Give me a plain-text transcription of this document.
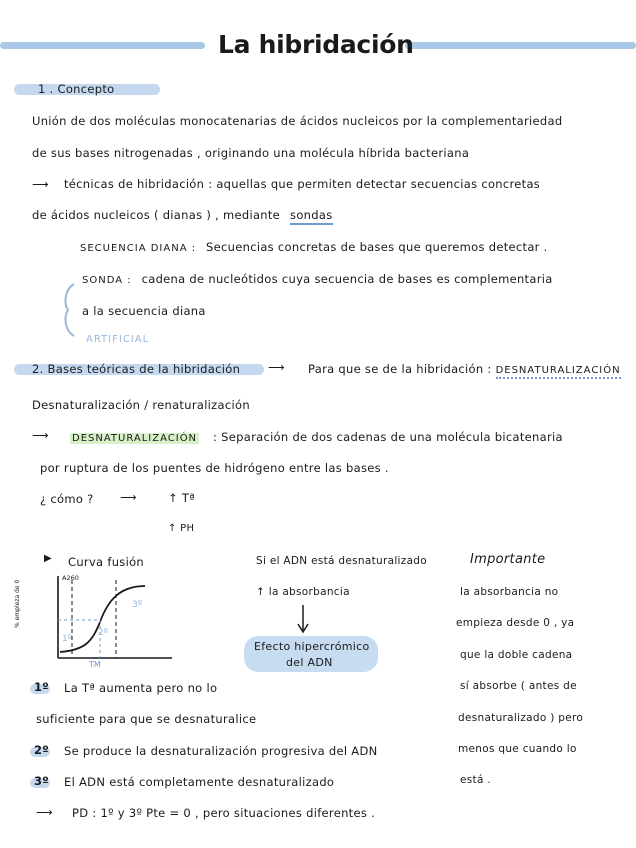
La hibridación
1 . Concepto
Unión de dos moléculas monocatenarias de ácidos nucleicos por la complementariedad
de sus bases nitrogenadas , originando una molécula híbrida bacteriana
⟶ técnicas de hibridación : aquellas que permiten detectar secuencias concretas
de ácidos nucleicos ( dianas ) , mediante sondas
SECUENCIA DIANA : Secuencias concretas de bases que queremos detectar .
SONDA : cadena de nucleótidos cuya secuencia de bases es complementaria
a la secuencia diana
ARTIFICIAL
2. Bases teóricas de la hibridación ⟶ Para que se de la hibridación : DESNATURALIZACIÓN
Desnaturalización / renaturalización
⟶ DESNATURALIZACIÓN : Separación de dos cadenas de una molécula bicatenaria
por ruptura de los puentes de hidrógeno entre las bases .
¿ cómo ? ⟶	↑ Tª
↑ PH
▶ Curva fusión
% empleza de 0
A260
1º
2º
3º
TM
Si el ADN está desnaturalizado
↑ la absorbancia
Efecto hipercrómico
del ADN
Importante
la absorbancia no
empieza desde 0 , ya
que la doble cadena
sí absorbe ( antes de
desnaturalizado ) pero
menos que cuando lo
está .
1º La Tª aumenta pero no lo
suficiente para que se desnaturalice
2º Se produce la desnaturalización progresiva del ADN
3º El ADN está completamente desnaturalizado
⟶ PD : 1º y 3º Pte = 0 , pero situaciones diferentes .
